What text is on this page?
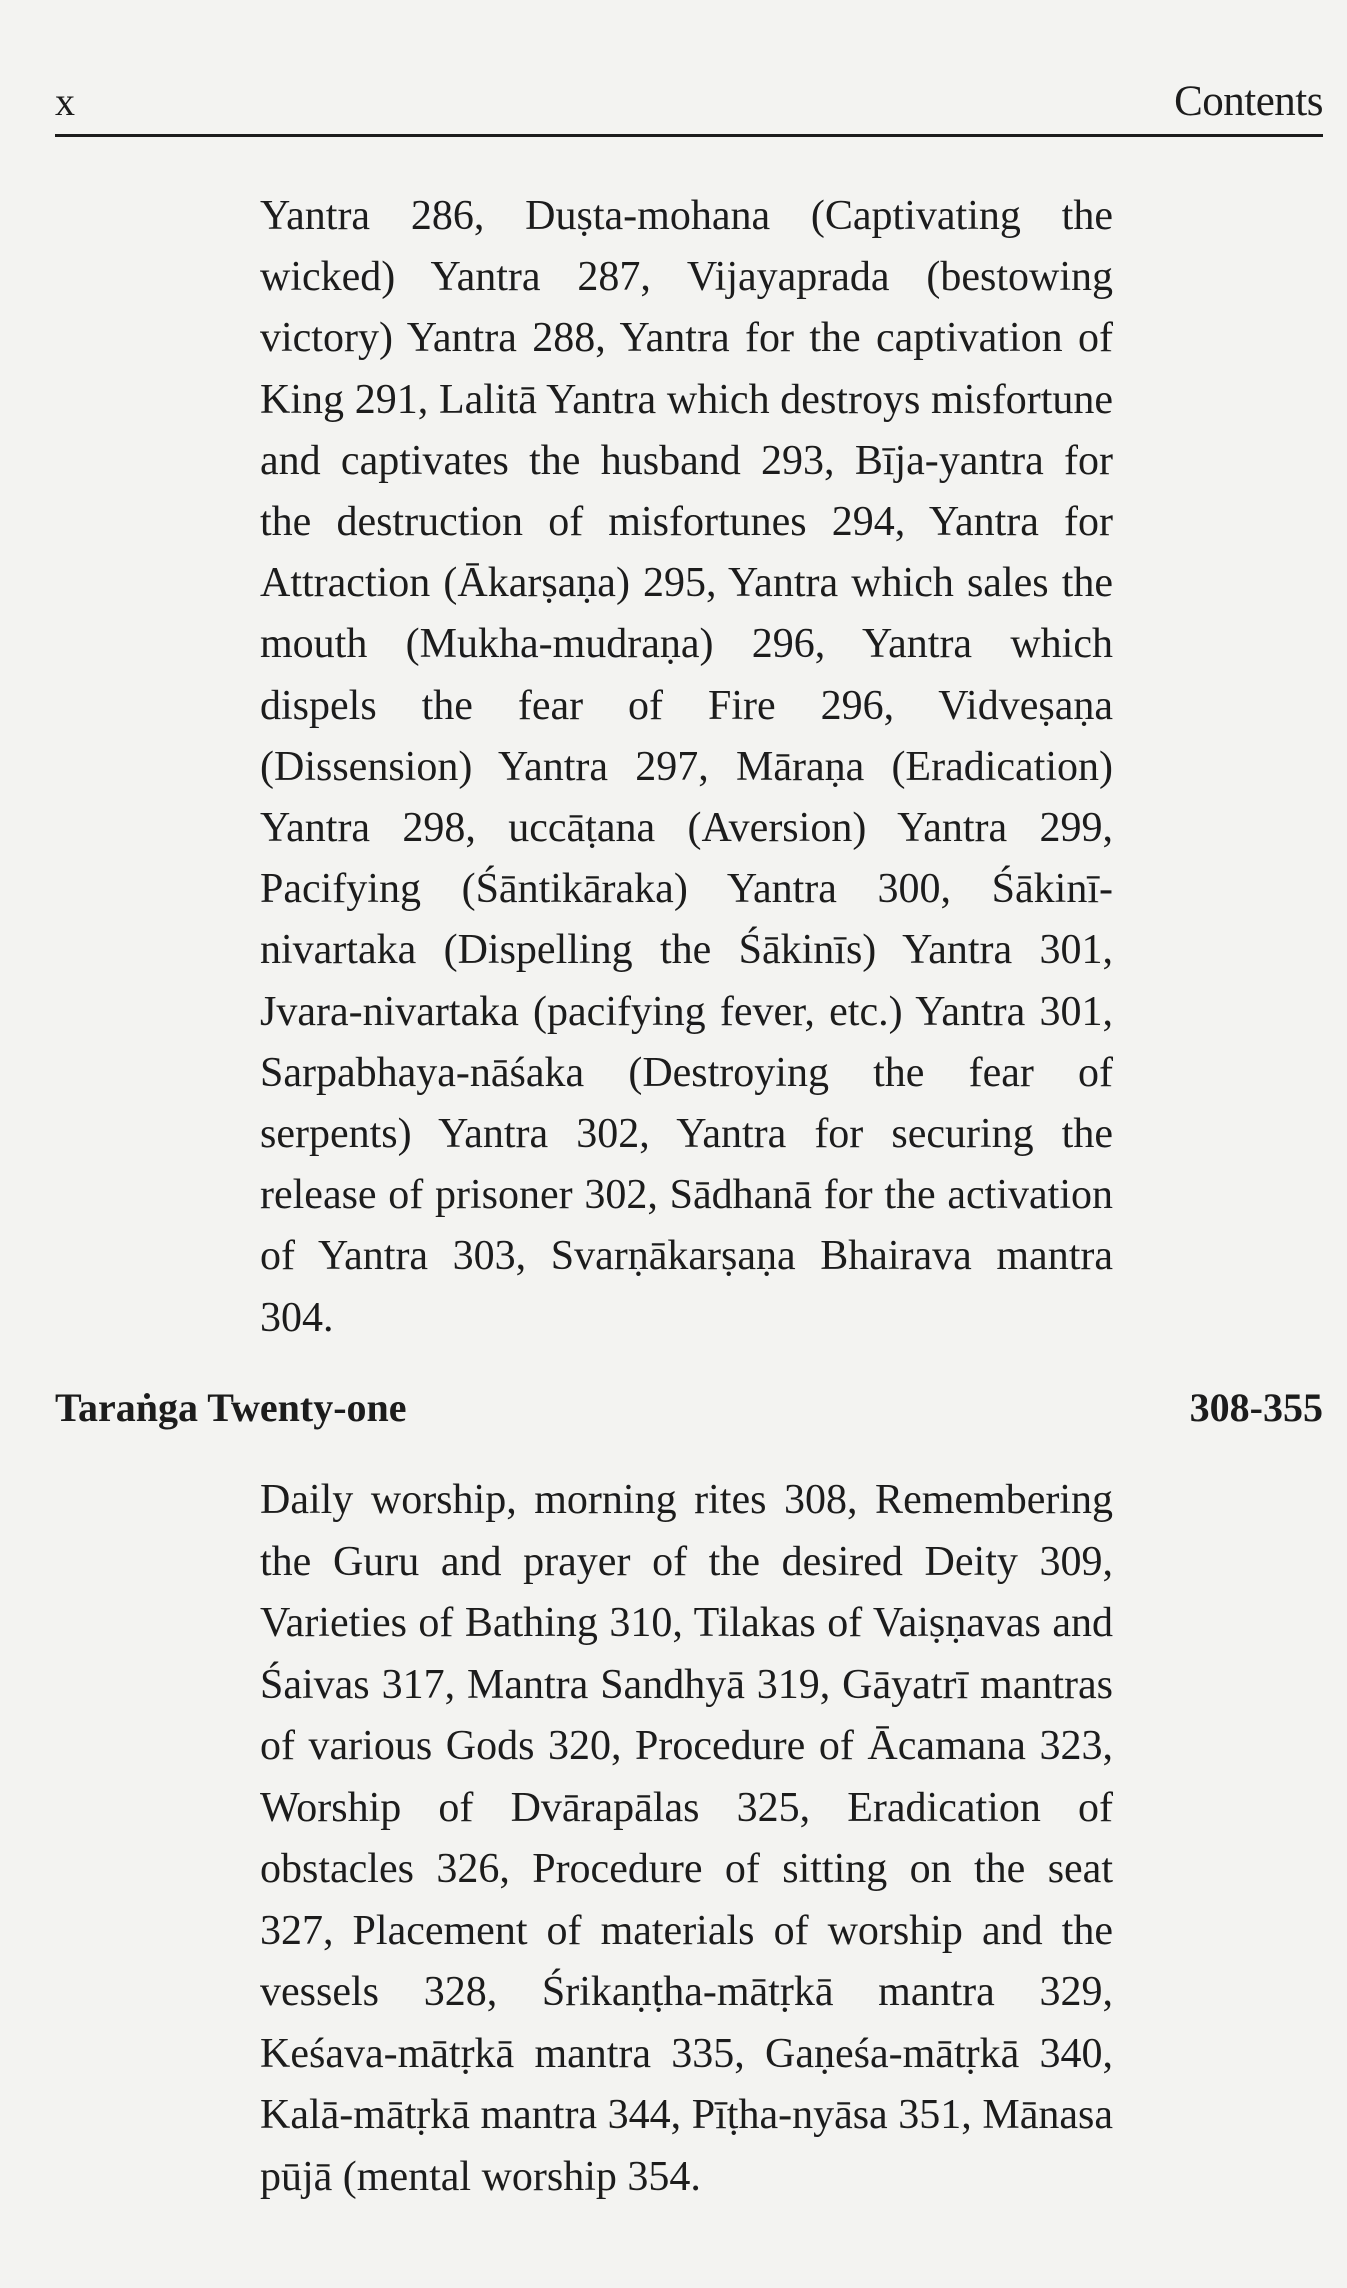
x	Contents
Yantra 286, Duṣta-mohana (Captivating the wicked) Yantra 287, Vijayaprada (bestowing victory) Yantra 288, Yantra for the captivation of King 291, Lalitā Yantra which destroys misfortune and captivates the husband 293, Bīja-yantra for the destruction of misfortunes 294, Yantra for Attraction (Ākarṣaṇa) 295, Yantra which sales the mouth (Mukha-mudraṇa) 296, Yantra which dispels the fear of Fire 296, Vidveṣaṇa (Dissension) Yantra 297, Māraṇa (Eradication) Yantra 298, uccāṭana (Aversion) Yantra 299, Pacifying (Śāntikāraka) Yantra 300, Śākinī-nivartaka (Dispelling the Śākinīs) Yantra 301, Jvara-nivartaka (pacifying fever, etc.) Yantra 301, Sarpabhaya-nāśaka (Destroying the fear of serpents) Yantra 302, Yantra for securing the release of prisoner 302, Sādhanā for the activation of Yantra 303, Svarṇākarṣaṇa Bhairava mantra 304.
Taraṅga Twenty-one	308-355
Daily worship, morning rites 308, Remembering the Guru and prayer of the desired Deity 309, Varieties of Bathing 310, Tilakas of Vaiṣṇavas and Śaivas 317, Mantra Sandhyā 319, Gāyatrī mantras of various Gods 320, Procedure of Ācamana 323, Worship of Dvārapālas 325, Eradication of obstacles 326, Procedure of sitting on the seat 327, Placement of materials of worship and the vessels 328, Śrikaṇṭha-mātṛkā mantra 329, Keśava-mātṛkā mantra 335, Gaṇeśa-mātṛkā 340, Kalā-mātṛkā mantra 344, Pīṭha-nyāsa 351, Mānasa pūjā (mental worship 354.
